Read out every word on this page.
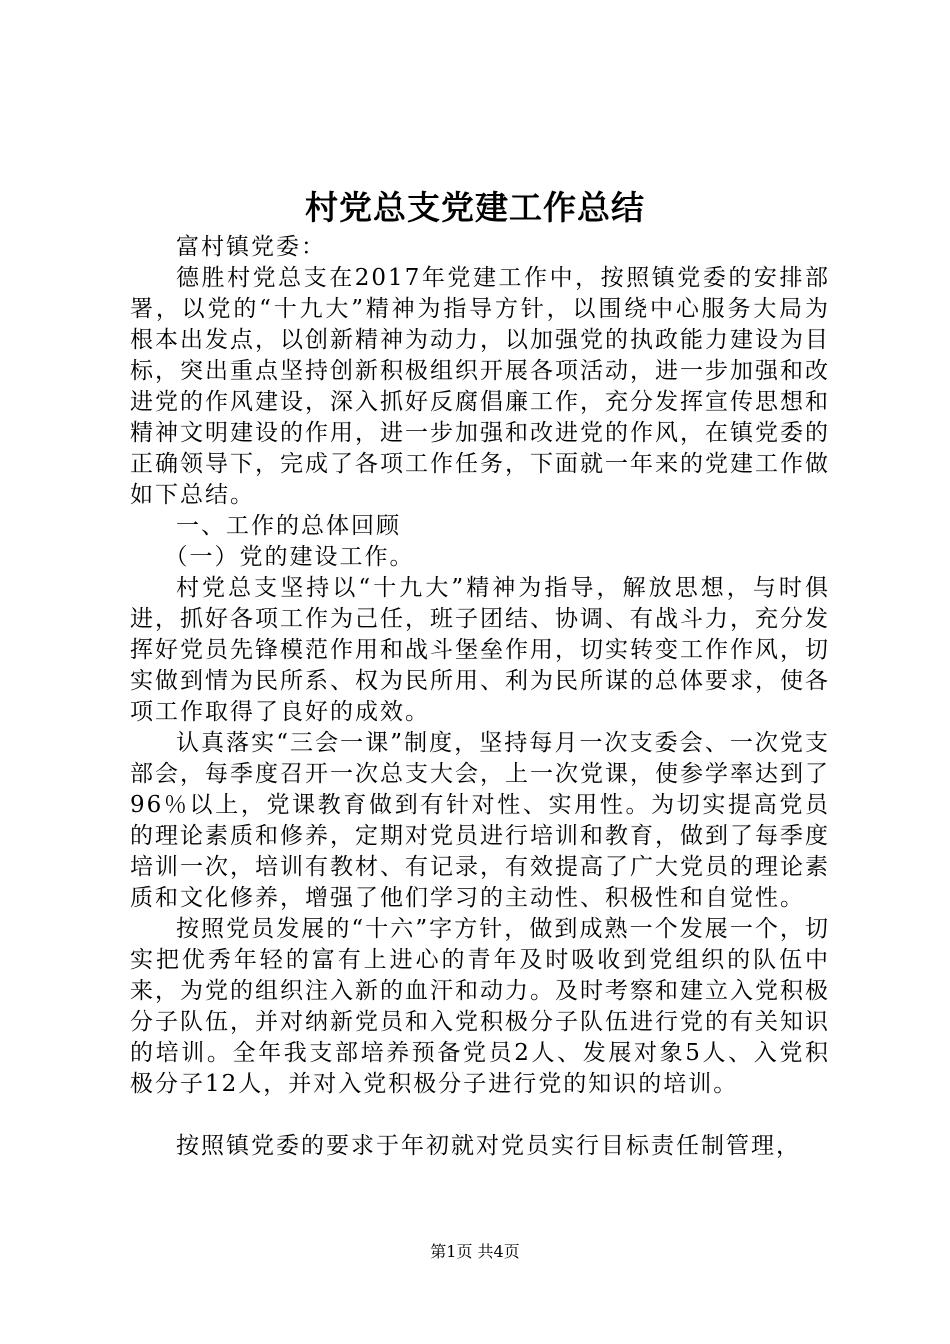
村党总支党建工作总结

富村镇党委：

德胜村党总支在2017年党建工作中，按照镇党委的安排部署，以党的“十九大”精神为指导方针，以围绕中心服务大局为根本出发点，以创新精神为动力，以加强党的执政能力建设为目标，突出重点坚持创新积极组织开展各项活动，进一步加强和改进党的作风建设，深入抓好反腐倡廉工作，充分发挥宣传思想和精神文明建设的作用，进一步加强和改进党的作风，在镇党委的正确领导下，完成了各项工作任务，下面就一年来的党建工作做如下总结。

一、工作的总体回顾

（一）党的建设工作。

村党总支坚持以“十九大”精神为指导，解放思想，与时俱进，抓好各项工作为己任，班子团结、协调、有战斗力，充分发挥好党员先锋模范作用和战斗堡垒作用，切实转变工作作风，切实做到情为民所系、权为民所用、利为民所谋的总体要求，使各项工作取得了良好的成效。

认真落实“三会一课”制度，坚持每月一次支委会、一次党支部会，每季度召开一次总支大会，上一次党课，使参学率达到了96％以上，党课教育做到有针对性、实用性。为切实提高党员的理论素质和修养，定期对党员进行培训和教育，做到了每季度培训一次，培训有教材、有记录，有效提高了广大党员的理论素质和文化修养，增强了他们学习的主动性、积极性和自觉性。

按照党员发展的“十六”字方针，做到成熟一个发展一个，切实把优秀年轻的富有上进心的青年及时吸收到党组织的队伍中来，为党的组织注入新的血汗和动力。及时考察和建立入党积极分子队伍，并对纳新党员和入党积极分子队伍进行党的有关知识的培训。全年我支部培养预备党员2人、发展对象5人、入党积极分子12人，并对入党积极分子进行党的知识的培训。

按照镇党委的要求于年初就对党员实行目标责任制管理，

第1页 共4页
